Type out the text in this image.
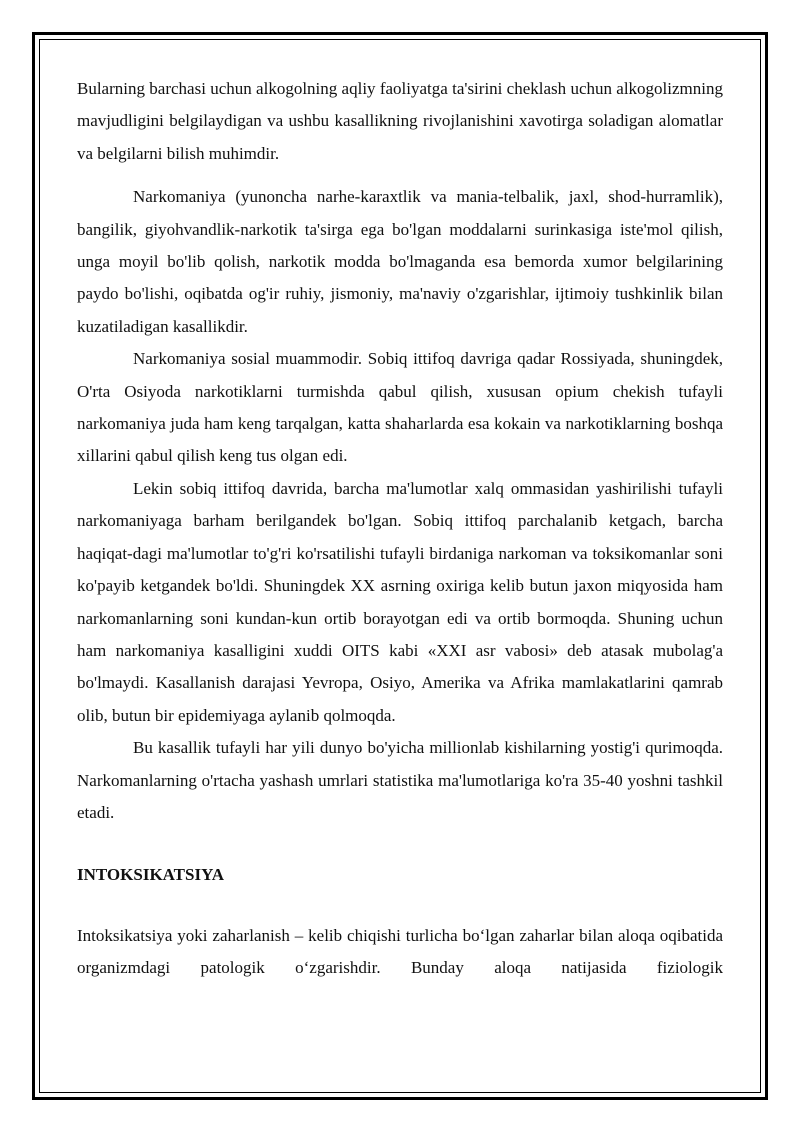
Bularning barchasi uchun alkogolning aqliy faoliyatga ta'sirini cheklash uchun alkogolizmning mavjudligini belgilaydigan va ushbu kasallikning rivojlanishini xavotirga soladigan alomatlar va belgilarni bilish muhimdir.

Narkomaniya (yunoncha narhe-karaxtlik va mania-telbalik, jaxl, shod-hurramlik), bangilik, giyohvandlik-narkotik ta'sirga ega bo'lgan moddalarni surinkasiga iste'mol qilish, unga moyil bo'lib qolish, narkotik modda bo'lmaganda esa bemorda xumor belgilarining paydo bo'lishi, oqibatda og'ir ruhiy, jismoniy, ma'naviy o'zgarishlar, ijtimoiy tushkinlik bilan kuzatiladigan kasallikdir.

Narkomaniya sosial muammodir. Sobiq ittifoq davriga qadar Rossiyada, shuningdek, O'rta Osiyoda narkotiklarni turmishda qabul qilish, xususan opium chekish tufayli narkomaniya juda ham keng tarqalgan, katta shaharlarda esa kokain va narkotiklarning boshqa xillarini qabul qilish keng tus olgan edi.

Lekin sobiq ittifoq davrida, barcha ma'lumotlar xalq ommasidan yashirilishi tufayli narkomaniyaga barham berilgandek bo'lgan. Sobiq ittifoq parchalanib ketgach, barcha haqiqat-dagi ma'lumotlar to'g'ri ko'rsatilishi tufayli birdaniga narkoman va toksikomanlar soni ko'payib ketgandek bo'ldi. Shuningdek XX asrning oxiriga kelib butun jaxon miqyosida ham narkomanlarning soni kundan-kun ortib borayotgan edi va ortib bormoqda. Shuning uchun ham narkomaniya kasalligini xuddi OITS kabi «XXI asr vabosi» deb atasak mubolag'a bo'lmaydi. Kasallanish darajasi Yevropa, Osiyo, Amerika va Afrika mamlakatlarini qamrab olib, butun bir epidemiyaga aylanib qolmoqda.

Bu kasallik tufayli har yili dunyo bo'yicha millionlab kishilarning yostig'i qurimoqda. Narkomanlarning o'rtacha yashash umrlari statistika ma'lumotlariga ko'ra 35-40 yoshni tashkil etadi.

INTOKSIKATSIYA

Intoksikatsiya yoki zaharlanish – kelib chiqishi turlicha bo‘lgan zaharlar bilan aloqa oqibatida organizmdagi patologik o‘zgarishdir. Bunday aloqa natijasida fiziologik
